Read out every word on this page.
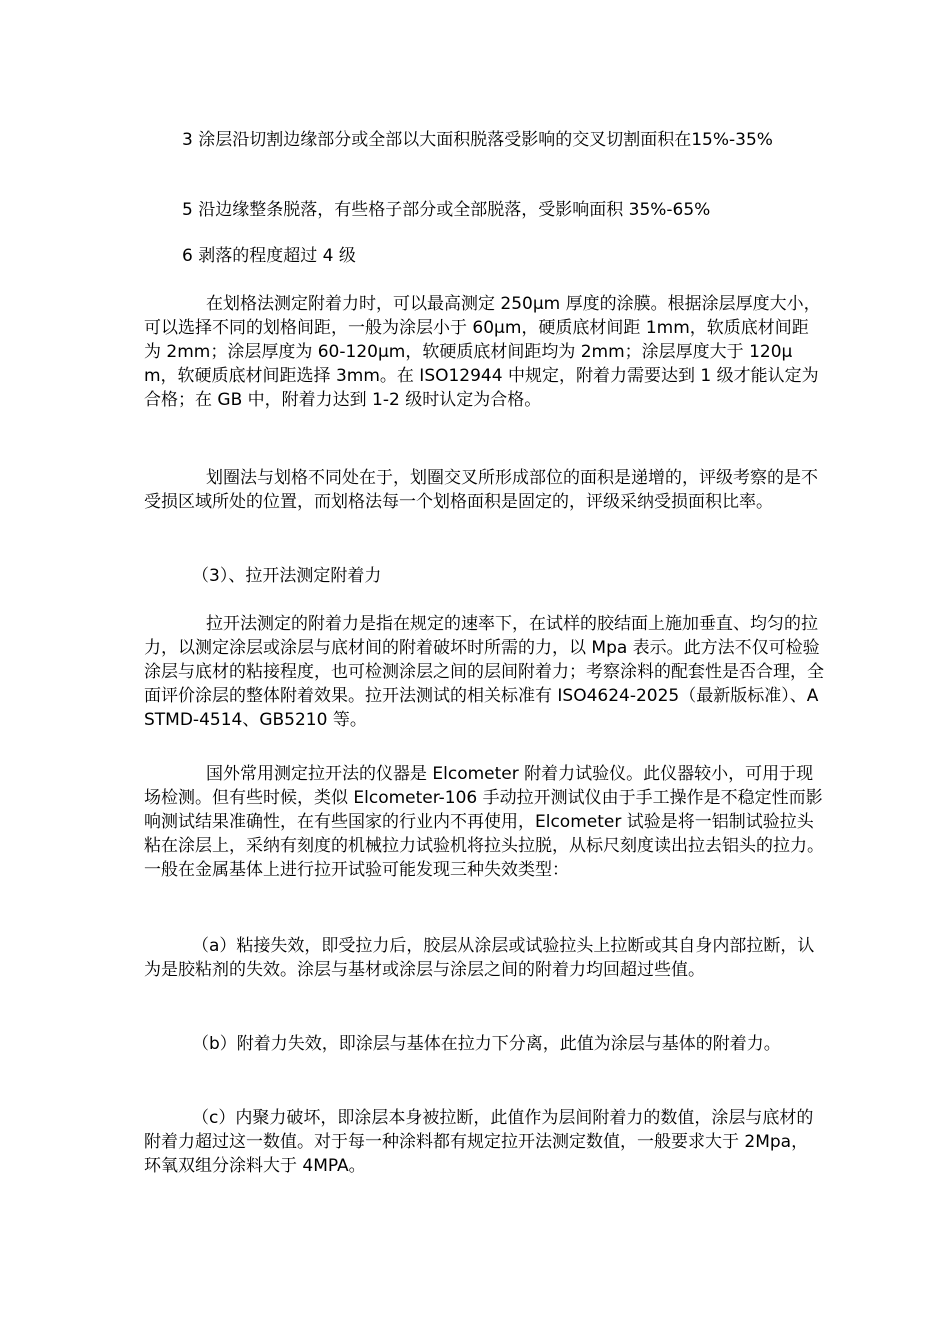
3 涂层沿切割边缘部分或全部以大面积脱落受影响的交叉切割面积在15%-35%

5 沿边缘整条脱落，有些格子部分或全部脱落，受影响面积 35%-65%

6 剥落的程度超过 4 级

在划格法测定附着力时，可以最高测定 250μm 厚度的涂膜。根据涂层厚度大小，可以选择不同的划格间距，一般为涂层小于 60μm，硬质底材间距 1mm，软质底材间距为 2mm；涂层厚度为 60-120μm，软硬质底材间距均为 2mm；涂层厚度大于 120μm，软硬质底材间距选择 3mm。在 ISO12944 中规定，附着力需要达到 1 级才能认定为合格；在 GB 中，附着力达到 1-2 级时认定为合格。

划圈法与划格不同处在于，划圈交叉所形成部位的面积是递增的，评级考察的是不受损区域所处的位置，而划格法每一个划格面积是固定的，评级采纳受损面积比率。

（3）、拉开法测定附着力

拉开法测定的附着力是指在规定的速率下，在试样的胶结面上施加垂直、均匀的拉力，以测定涂层或涂层与底材间的附着破坏时所需的力，以 Mpa 表示。此方法不仅可检验涂层与底材的粘接程度，也可检测涂层之间的层间附着力；考察涂料的配套性是否合理，全面评价涂层的整体附着效果。拉开法测试的相关标准有 ISO4624-2025（最新版标准）、ASTMD-4514、GB5210 等。

国外常用测定拉开法的仪器是 Elcometer 附着力试验仪。此仪器较小，可用于现场检测。但有些时候，类似 Elcometer-106 手动拉开测试仪由于手工操作是不稳定性而影响测试结果准确性，在有些国家的行业内不再使用，Elcometer 试验是将一铝制试验拉头粘在涂层上，采纳有刻度的机械拉力试验机将拉头拉脱，从标尺刻度读出拉去铝头的拉力。一般在金属基体上进行拉开试验可能发现三种失效类型：

（a）粘接失效，即受拉力后，胶层从涂层或试验拉头上拉断或其自身内部拉断，认为是胶粘剂的失效。涂层与基材或涂层与涂层之间的附着力均回超过些值。

（b）附着力失效，即涂层与基体在拉力下分离，此值为涂层与基体的附着力。

（c）内聚力破坏，即涂层本身被拉断，此值作为层间附着力的数值，涂层与底材的附着力超过这一数值。对于每一种涂料都有规定拉开法测定数值，一般要求大于 2Mpa，环氧双组分涂料大于 4MPA。
